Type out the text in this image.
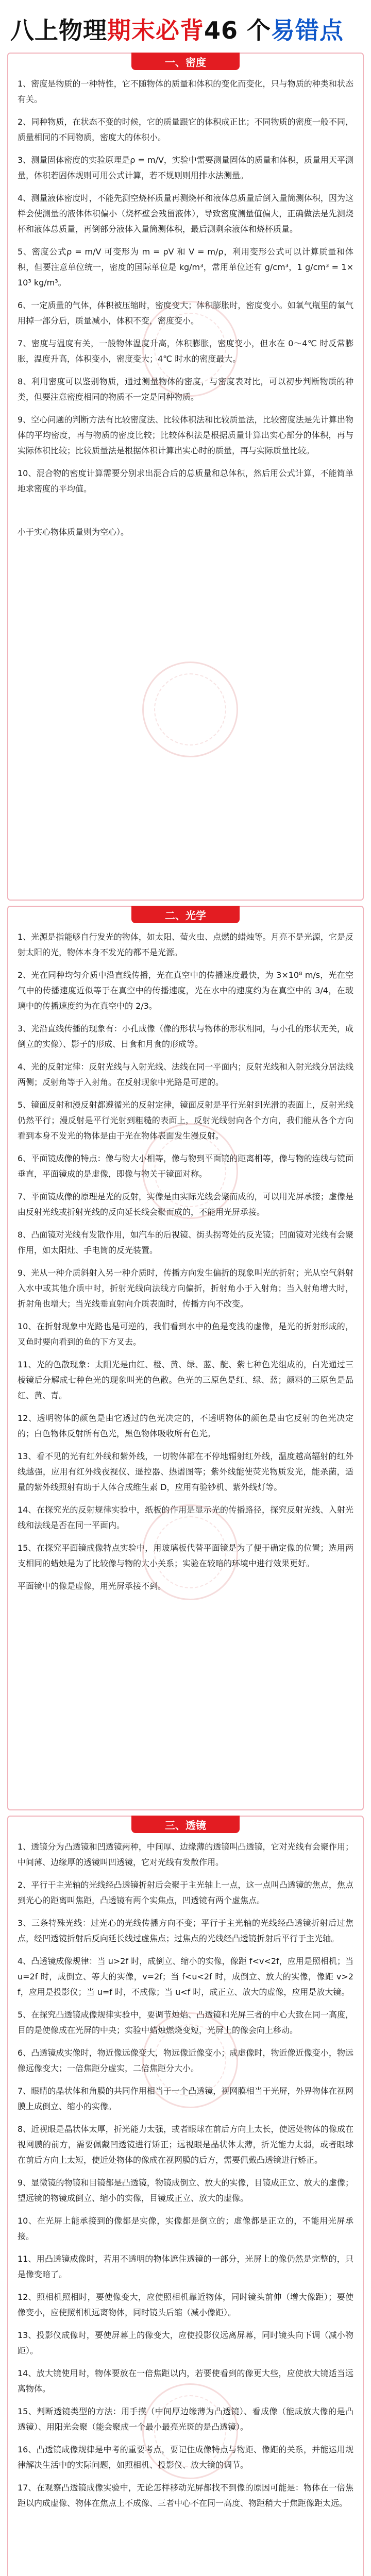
八上物理 期末必背 46 个 易错点
一、密度

1、密度是物质的一种特性，它不随物体的质量和体积的变化而变化，只与物质的种类和状态有关。

2、同种物质，在状态不变的时候，它的质量跟它的体积成正比；不同物质的密度一般不同，质量相同的不同物质，密度大的体积小。

3、测量固体密度的实验原理是ρ = m/V，实验中需要测量固体的质量和体积，质量用天平测量，体积若固体规则可用公式计算，若不规则则用排水法测量。

4、测量液体密度时，不能先测空烧杯质量再测烧杯和液体总质量后倒入量筒测体积，因为这样会使测量的液体体积偏小（烧杯壁会残留液体），导致密度测量值偏大，正确做法是先测烧杯和液体总质量，再倒部分液体入量筒测体积，最后测剩余液体和烧杯质量。

5、密度公式ρ = m/V 可变形为 m = ρV 和 V = m/ρ，利用变形公式可以计算质量和体积，但要注意单位统一，密度的国际单位是 kg/m³，常用单位还有 g/cm³，1 g/cm³ = 1×10³ kg/m³。

6、一定质量的气体，体积被压缩时，密度变大；体积膨胀时，密度变小。如氧气瓶里的氧气用掉一部分后，质量减小，体积不变，密度变小。

7、密度与温度有关，一般物体温度升高，体积膨胀，密度变小，但水在 0～4℃ 时反常膨胀，温度升高，体积变小，密度变大；4℃ 时水的密度最大。

8、利用密度可以鉴别物质，通过测量物体的密度，与密度表对比，可以初步判断物质的种类，但要注意密度相同的物质不一定是同种物质。

9、空心问题的判断方法有比较密度法、比较体积法和比较质量法，比较密度法是先计算出物体的平均密度，再与物质的密度比较；比较体积法是根据质量计算出实心部分的体积，再与实际体积比较；比较质量法是根据体积计算出实心时的质量，再与实际质量比较。

10、混合物的密度计算需要分别求出混合后的总质量和总体积，然后用公式计算，不能简单地求密度的平均值。

小于实心物体质量则为空心）。

二、光学

1、光源是指能够自行发光的物体，如太阳、萤火虫、点燃的蜡烛等。月亮不是光源，它是反射太阳的光，物体本身不发光的都不是光源。

2、光在同种均匀介质中沿直线传播，光在真空中的传播速度最快，为 3×10⁸ m/s，光在空气中的传播速度近似等于在真空中的传播速度，光在水中的速度约为在真空中的 3/4，在玻璃中的传播速度约为在真空中的 2/3。

3、光沿直线传播的现象有：小孔成像（像的形状与物体的形状相同，与小孔的形状无关，成倒立的实像）、影子的形成、日食和月食的形成等。

4、光的反射定律：反射光线与入射光线、法线在同一平面内；反射光线和入射光线分居法线两侧；反射角等于入射角。在反射现象中光路是可逆的。

5、镜面反射和漫反射都遵循光的反射定律，镜面反射是平行光射到光滑的表面上，反射光线仍然平行；漫反射是平行光射到粗糙的表面上，反射光线射向各个方向，我们能从各个方向看到本身不发光的物体是由于光在物体表面发生漫反射。

6、平面镜成像的特点：像与物大小相等，像与物到平面镜的距离相等，像与物的连线与镜面垂直，平面镜成的是虚像，即像与物关于镜面对称。

7、平面镜成像的原理是光的反射，实像是由实际光线会聚而成的，可以用光屏承接；虚像是由反射光线或折射光线的反向延长线会聚而成的，不能用光屏承接。

8、凸面镜对光线有发散作用，如汽车的后视镜、街头拐弯处的反光镜；凹面镜对光线有会聚作用，如太阳灶、手电筒的反光装置。

9、光从一种介质斜射入另一种介质时，传播方向发生偏折的现象叫光的折射；光从空气斜射入水中或其他介质中时，折射光线向法线方向偏折，折射角小于入射角；当入射角增大时，折射角也增大；当光线垂直射向介质表面时，传播方向不改变。

10、在折射现象中光路也是可逆的，我们看到水中的鱼是变浅的虚像，是光的折射形成的，叉鱼时要向看到的鱼的下方叉去。

11、光的色散现象：太阳光是由红、橙、黄、绿、蓝、靛、紫七种色光组成的，白光通过三棱镜后分解成七种色光的现象叫光的色散。色光的三原色是红、绿、蓝；颜料的三原色是品红、黄、青。

12、透明物体的颜色是由它透过的色光决定的，不透明物体的颜色是由它反射的色光决定的；白色物体反射所有色光，黑色物体吸收所有色光。

13、看不见的光有红外线和紫外线，一切物体都在不停地辐射红外线，温度越高辐射的红外线越强，应用有红外线夜视仪、遥控器、热谱图等；紫外线能使荧光物质发光，能杀菌，适量的紫外线照射有助于人体合成维生素 D，应用有验钞机、紫外线灯等。

14、在探究光的反射规律实验中，纸板的作用是显示光的传播路径，探究反射光线、入射光线和法线是否在同一平面内。

15、在探究平面镜成像特点实验中，用玻璃板代替平面镜是为了便于确定像的位置；选用两支相同的蜡烛是为了比较像与物的大小关系；实验在较暗的环境中进行效果更好。

平面镜中的像是虚像，用光屏承接不到。

三、透镜

1、透镜分为凸透镜和凹透镜两种，中间厚、边缘薄的透镜叫凸透镜，它对光线有会聚作用；中间薄、边缘厚的透镜叫凹透镜，它对光线有发散作用。

2、平行于主光轴的光线经凸透镜折射后会聚于主光轴上一点，这一点叫凸透镜的焦点，焦点到光心的距离叫焦距，凸透镜有两个实焦点，凹透镜有两个虚焦点。

3、三条特殊光线：过光心的光线传播方向不变；平行于主光轴的光线经凸透镜折射后过焦点，经凹透镜折射后反向延长线过虚焦点；过焦点的光线经凸透镜折射后平行于主光轴。

4、凸透镜成像规律：当 u>2f 时，成倒立、缩小的实像，像距 f<v<2f，应用是照相机；当 u=2f 时，成倒立、等大的实像，v=2f；当 f<u<2f 时，成倒立、放大的实像，像距 v>2f，应用是投影仪；当 u=f 时，不成像；当 u<f 时，成正立、放大的虚像，应用是放大镜。

5、在探究凸透镜成像规律实验中，要调节烛焰、凸透镜和光屏三者的中心大致在同一高度，目的是使像成在光屏的中央；实验中蜡烛燃烧变短，光屏上的像会向上移动。

6、凸透镜成实像时，物近像远像变大，物远像近像变小；成虚像时，物近像近像变小，物远像远像变大；一倍焦距分虚实，二倍焦距分大小。

7、眼睛的晶状体和角膜的共同作用相当于一个凸透镜，视网膜相当于光屏，外界物体在视网膜上成倒立、缩小的实像。

8、近视眼是晶状体太厚，折光能力太强，或者眼球在前后方向上太长，使远处物体的像成在视网膜的前方，需要佩戴凹透镜进行矫正；远视眼是晶状体太薄，折光能力太弱，或者眼球在前后方向上太短，使近处物体的像成在视网膜的后方，需要佩戴凸透镜进行矫正。

9、显微镜的物镜和目镜都是凸透镜，物镜成倒立、放大的实像，目镜成正立、放大的虚像；望远镜的物镜成倒立、缩小的实像，目镜成正立、放大的虚像。

10、在光屏上能承接到的像都是实像，实像都是倒立的；虚像都是正立的，不能用光屏承接。

11、用凸透镜成像时，若用不透明的物体遮住透镜的一部分，光屏上的像仍然是完整的，只是像变暗了。

12、照相机照相时，要使像变大，应使照相机靠近物体，同时镜头前伸（增大像距）；要使像变小，应使照相机远离物体，同时镜头后缩（减小像距）。

13、投影仪成像时，要使屏幕上的像变大，应使投影仪远离屏幕，同时镜头向下调（减小物距）。

14、放大镜使用时，物体要放在一倍焦距以内，若要使看到的像更大些，应使放大镜适当远离物体。

15、判断透镜类型的方法：用手摸（中间厚边缘薄为凸透镜）、看成像（能成放大像的是凸透镜）、用阳光会聚（能会聚成一个最小最亮光斑的是凸透镜）。

16、凸透镜成像规律是中考的重要考点，要记住成像特点与物距、像距的关系，并能运用规律解决生活中的实际问题，如照相机、投影仪、放大镜的调节。

17、在观察凸透镜成像实验中，无论怎样移动光屏都找不到像的原因可能是：物体在一倍焦距以内成虚像、物体在焦点上不成像、三者中心不在同一高度、物距稍大于焦距像距太远。
